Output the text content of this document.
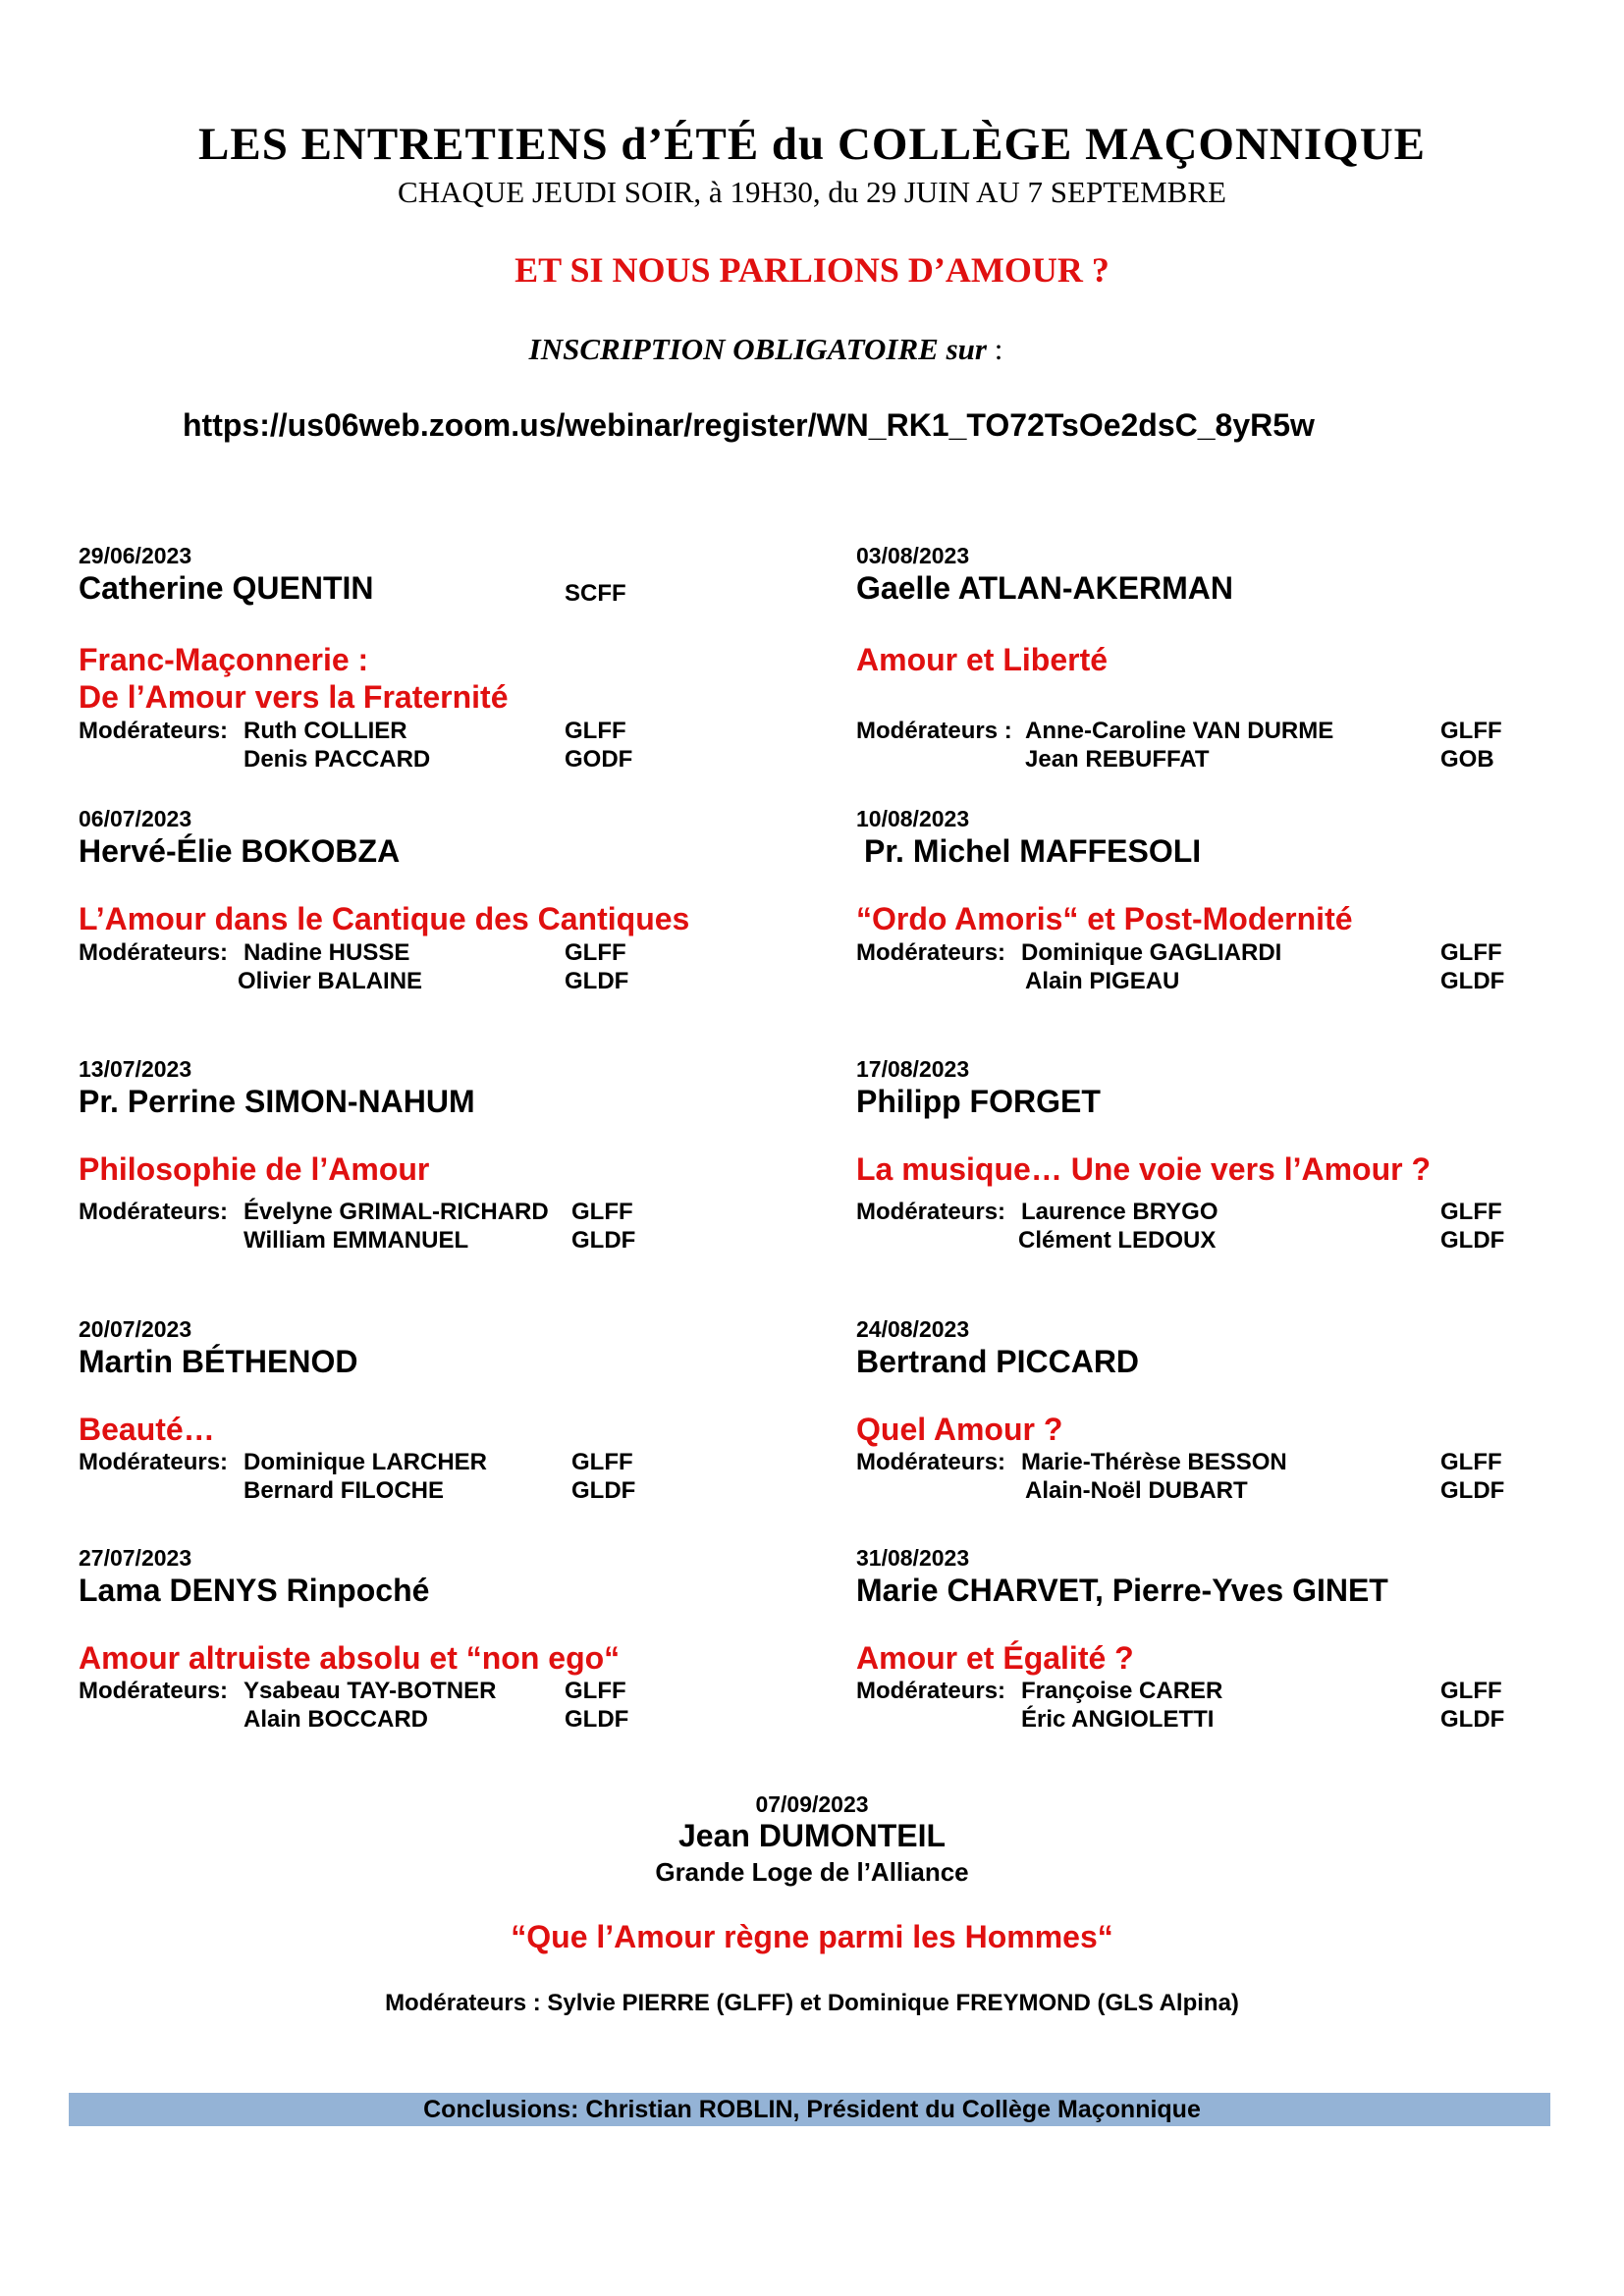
LES ENTRETIENS d’ÉTÉ du COLLÈGE MAÇONNIQUE
CHAQUE JEUDI SOIR, à 19H30, du 29 JUIN AU 7 SEPTEMBRE
ET SI NOUS PARLIONS D’AMOUR ?
INSCRIPTION OBLIGATOIRE sur :
https://us06web.zoom.us/webinar/register/WN_RK1_TO72TsOe2dsC_8yR5w
29/06/2023
Catherine QUENTIN	SCFF
Franc-Maçonnerie :
De l’Amour vers la Fraternité
Modérateurs: Ruth COLLIER	GLFF
Denis PACCARD	GODF
03/08/2023
Gaelle ATLAN-AKERMAN
Amour et Liberté
Modérateurs : Anne-Caroline VAN DURME	GLFF
Jean REBUFFAT	GOB
06/07/2023
Hervé-Élie BOKOBZA
L’Amour dans le Cantique des Cantiques
Modérateurs: Nadine HUSSE	GLFF
Olivier BALAINE	GLDF
10/08/2023
Pr. Michel MAFFESOLI
“Ordo Amoris“ et Post-Modernité
Modérateurs: Dominique GAGLIARDI	GLFF
Alain PIGEAU	GLDF
13/07/2023
Pr. Perrine SIMON-NAHUM
Philosophie de l’Amour
Modérateurs: Évelyne GRIMAL-RICHARD GLFF
William EMMANUEL	GLDF
17/08/2023
Philipp FORGET
La musique… Une voie vers l’Amour ?
Modérateurs: Laurence BRYGO	GLFF
Clément LEDOUX	GLDF
20/07/2023
Martin BÉTHENOD
Beauté…
Modérateurs: Dominique LARCHER	GLFF
Bernard FILOCHE	GLDF
24/08/2023
Bertrand PICCARD
Quel Amour ?
Modérateurs: Marie-Thérèse BESSON	GLFF
Alain-Noël DUBART	GLDF
27/07/2023
Lama DENYS Rinpoché
Amour altruiste absolu et “non ego“
Modérateurs: Ysabeau TAY-BOTNER	GLFF
Alain BOCCARD	GLDF
31/08/2023
Marie CHARVET, Pierre-Yves GINET
Amour et Égalité ?
Modérateurs: Françoise CARER	GLFF
Éric ANGIOLETTI	GLDF
07/09/2023
Jean DUMONTEIL
Grande Loge de l’Alliance
“Que l’Amour règne parmi les Hommes“
Modérateurs : Sylvie PIERRE (GLFF) et Dominique FREYMOND (GLS Alpina)
Conclusions: Christian ROBLIN, Président du Collège Maçonnique
